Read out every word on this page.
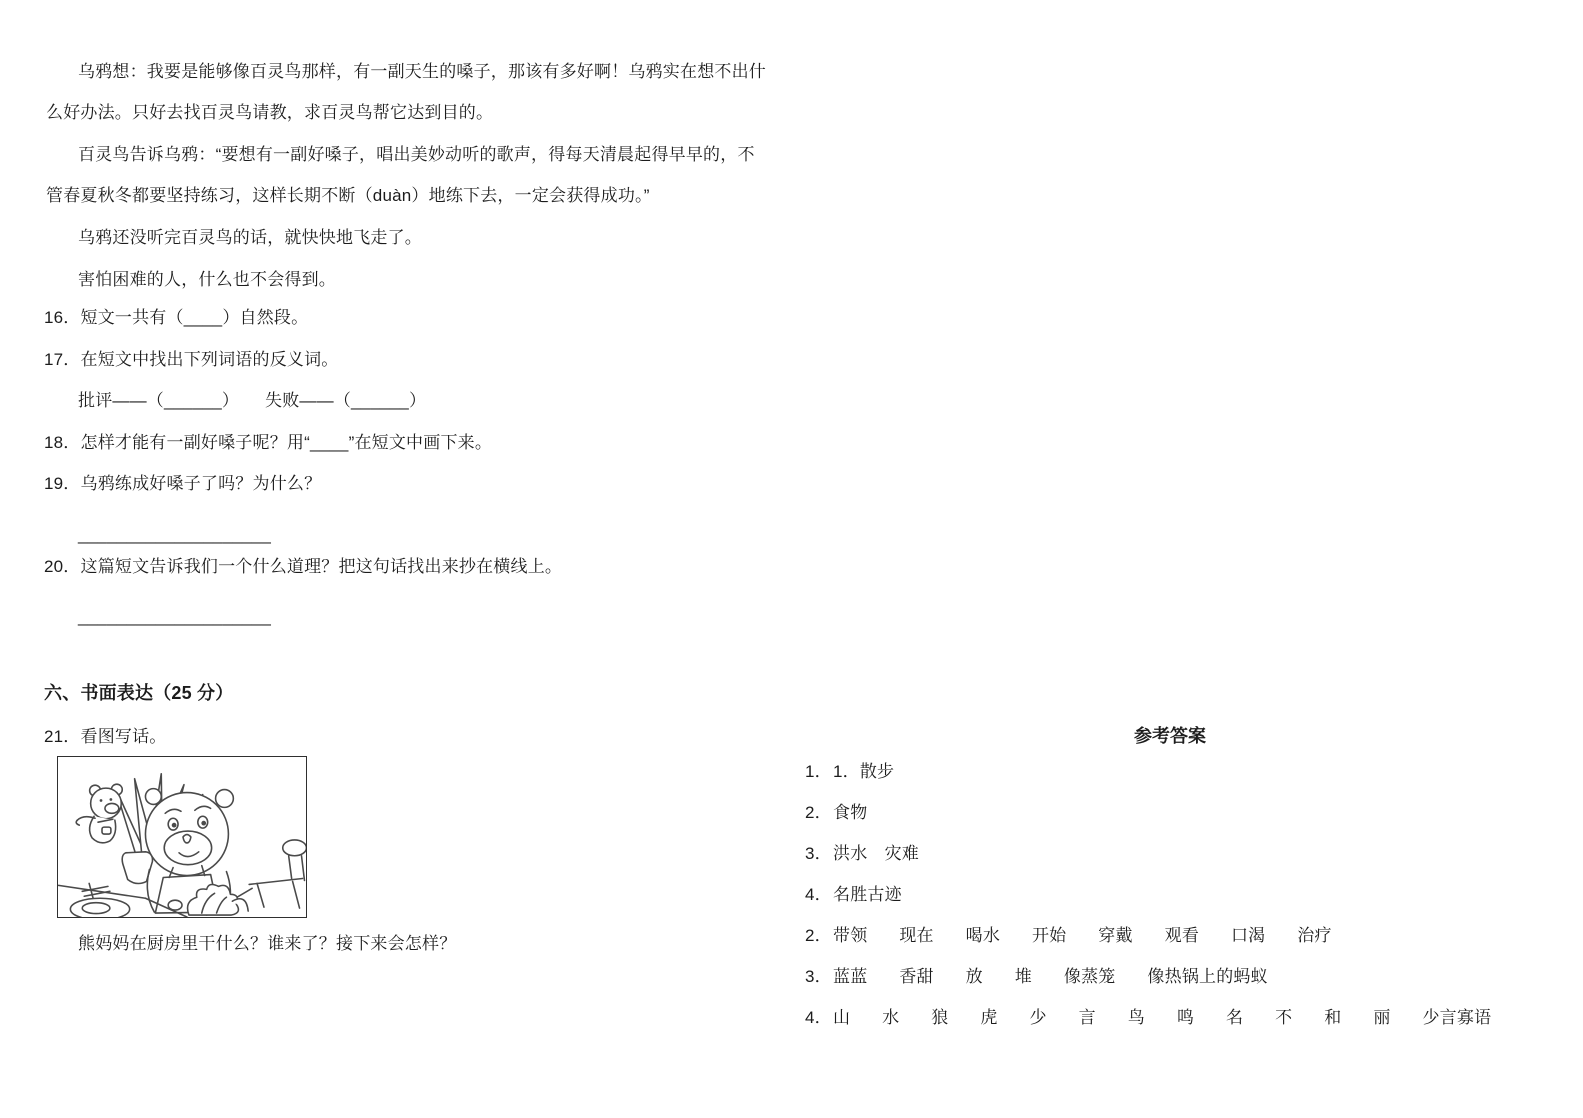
乌鸦想：我要是能够像百灵鸟那样，有一副天生的嗓子，那该有多好啊！乌鸦实在想不出什

么好办法。只好去找百灵鸟请教，求百灵鸟帮它达到目的。

百灵鸟告诉乌鸦：“要想有一副好嗓子，唱出美妙动听的歌声，得每天清晨起得早早的，不

管春夏秋冬都要坚持练习，这样长期不断（duàn）地练下去，一定会获得成功。”

乌鸦还没听完百灵鸟的话，就快快地飞走了。

害怕困难的人，什么也不会得到。

16．短文一共有（____）自然段。

17．在短文中找出下列词语的反义词。

批评——（______）　　失败——（______）

18．怎样才能有一副好嗓子呢？用“____”在短文中画下来。

19．乌鸦练成好嗓子了吗？为什么？

____________________

20．这篇短文告诉我们一个什么道理？把这句话找出来抄在横线上。

____________________

六、书面表达（25 分）

21．看图写话。

熊妈妈在厨房里干什么？谁来了？接下来会怎样？

参考答案

1．1．散步

2．食物

3．洪水　灾难

4．名胜古迹

2．带领 现在 喝水 开始 穿戴 观看 口渴 治疗

3．蓝蓝 香甜 放 堆 像蒸笼 像热锅上的蚂蚁

4．山 水 狼 虎 少 言 鸟 鸣 名 不 和 丽 少言寡语
